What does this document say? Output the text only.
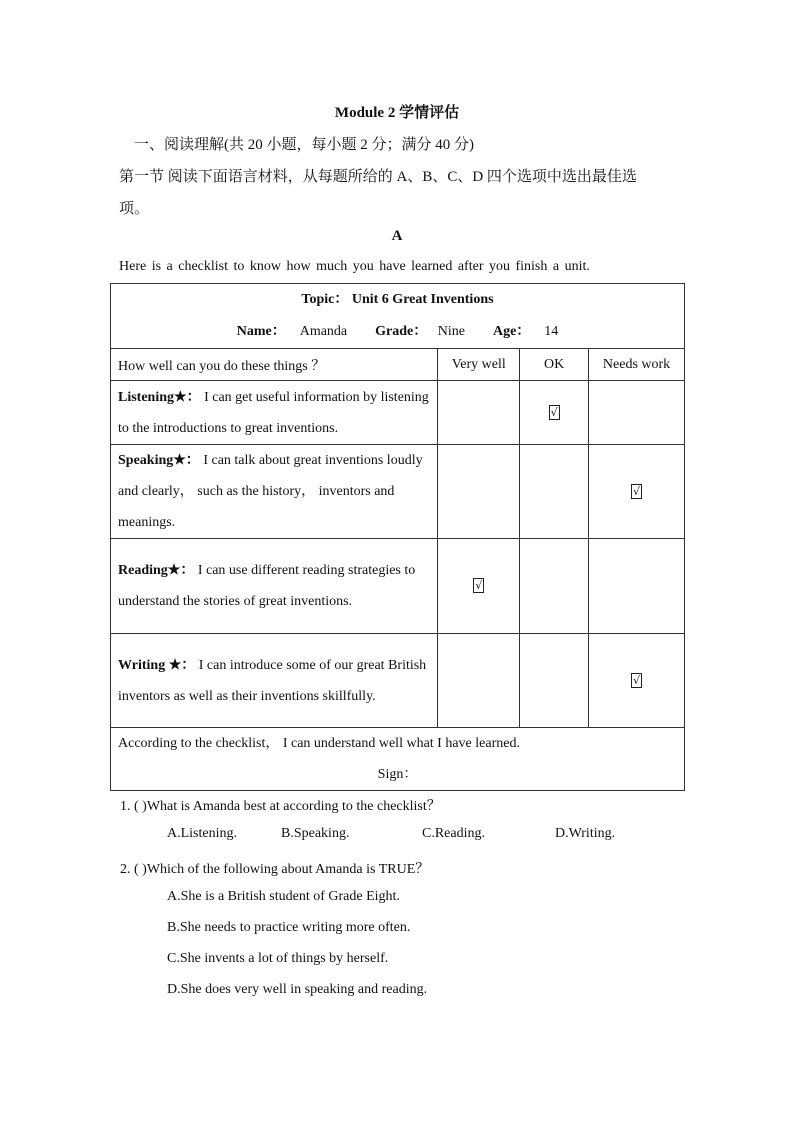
Module 2 学情评估
一、阅读理解(共 20 小题，每小题 2 分；满分 40 分)
第一节 阅读下面语言材料，从每题所给的 A、B、C、D 四个选项中选出最佳选
项。
A
Here is a checklist to know how much you have learned after you finish a unit.
Topic： Unit 6 Great Inventions
Name： Amanda Grade： Nine Age： 14			

How well can you do these things ？	Very well	OK	Needs work
Listening★： I can get useful information by listening to the introductions to great inventions.		√	
Speaking★： I can talk about great inventions loudly and clearly， such as the history， inventors and meanings.			√
Reading★： I can use different reading strategies to understand the stories of great inventions.	√		
Writing ★： I can introduce some of our great British inventors as well as their inventions skillfully.			√

According to the checklist， I can understand well what I have learned.
Sign：			
1. ( )What is Amanda best at according to the checklist？
A.Listening.	B.Speaking.	C.Reading.	D.Writing.
2. ( )Which of the following about Amanda is TRUE？
A.She is a British student of Grade Eight.
B.She needs to practice writing more often.
C.She invents a lot of things by herself.
D.She does very well in speaking and reading.
